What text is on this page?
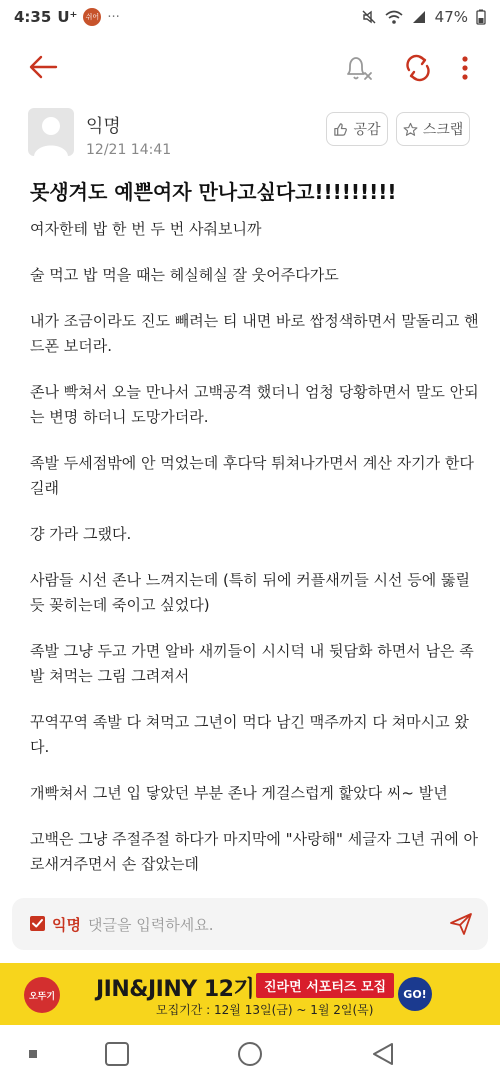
4:35 U⁺	쉬어 ···	47%
익명
12/21 14:41
공감	스크랩
못생겨도 예쁜여자 만나고싶다고!!!!!!!!!

여자한테 밥 한 번 두 번 사줘보니까

술 먹고 밥 먹을 때는 헤실헤실 잘 웃어주다가도

내가 조금이라도 진도 빼려는 티 내면 바로 쌉정색하면서 말돌리고 핸드폰 보더라.

존나 빡쳐서 오늘 만나서 고백공격 했더니 엄청 당황하면서 말도 안되는 변명 하더니 도망가더라.

족발 두세점밖에 안 먹었는데 후다닥 튀쳐나가면서 계산 자기가 한다길래

걍 가라 그랬다.

사람들 시선 존나 느껴지는데 (특히 뒤에 커플새끼들 시선 등에 뚫릴듯 꽂히는데 죽이고 싶었다)

족발 그냥 두고 가면 알바 새끼들이 시시덕 내 뒷담화 하면서 남은 족발 쳐먹는 그림 그려져서

꾸역꾸역 족발 다 쳐먹고 그년이 먹다 남긴 맥주까지 다 쳐마시고 왔다.

개빡쳐서 그년 입 닿았던 부분 존나 게걸스럽게 핥았다 씨~ 발년

고백은 그냥 주절주절 하다가 마지막에 "사랑해" 세글자 그년 귀에 아로새겨주면서 손 잡았는데

익명
댓글을 입력하세요.
오뚜기 JIN&JINY 12기 진라면 서포터즈 모집
모집기간 : 12월 13일(금) ~ 1월 2일(목)
GO!
